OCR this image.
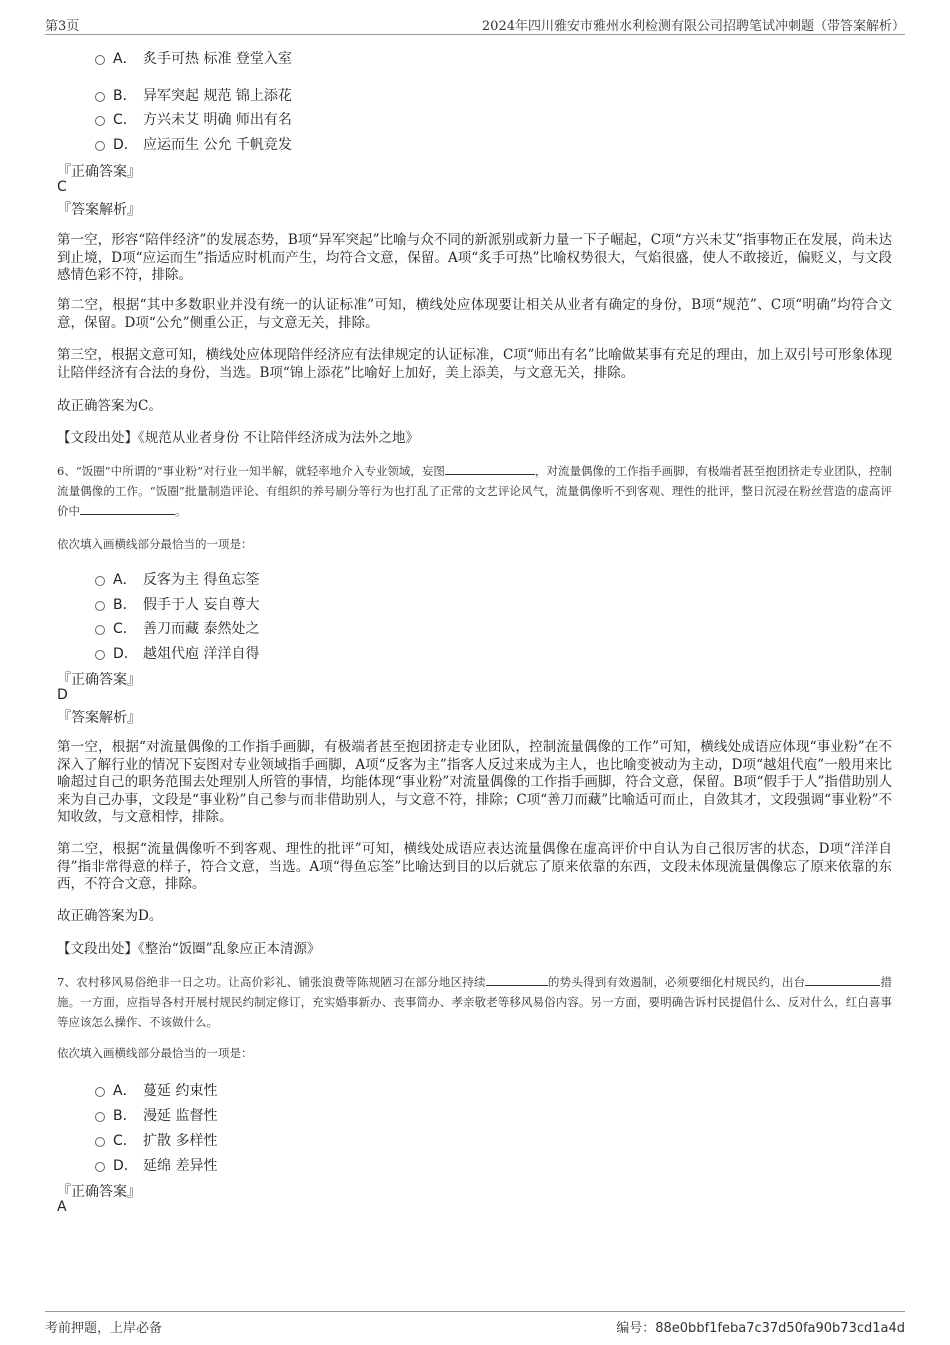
第3页	2024年四川雅安市雅州水利检测有限公司招聘笔试冲刺题（带答案解析）
A． 炙手可热 标准 登堂入室
B． 异军突起 规范 锦上添花
C． 方兴未艾 明确 师出有名
D． 应运而生 公允 千帆竞发
『正确答案』
C
『答案解析』
第一空，形容“陪伴经济”的发展态势，B项“异军突起”比喻与众不同的新派别或新力量一下子崛起，C项“方兴未艾”指事物正在发展，尚未达到止境，D项“应运而生”指适应时机而产生，均符合文意，保留。A项“炙手可热”比喻权势很大，气焰很盛，使人不敢接近，偏贬义，与文段感情色彩不符，排除。
第二空，根据“其中多数职业并没有统一的认证标准”可知，横线处应体现要让相关从业者有确定的身份，B项“规范”、C项“明确”均符合文意，保留。D项“公允”侧重公正，与文意无关，排除。
第三空，根据文意可知，横线处应体现陪伴经济应有法律规定的认证标准，C项“师出有名”比喻做某事有充足的理由，加上双引号可形象体现让陪伴经济有合法的身份，当选。B项“锦上添花”比喻好上加好，美上添美，与文意无关，排除。
故正确答案为C。
【文段出处】《规范从业者身份 不让陪伴经济成为法外之地》
6、“饭圈”中所谓的“事业粉”对行业一知半解，就轻率地介入专业领域，妄图	，对流量偶像的工作指手画脚，有极端者甚至抱团挤走专业团队，控制流量偶像的工作。“饭圈”批量制造评论、有组织的养号刷分等行为也打乱了正常的文艺评论风气，流量偶像听不到客观、理性的批评，整日沉浸在粉丝营造的虚高评价中	。
依次填入画横线部分最恰当的一项是：
A． 反客为主 得鱼忘筌
B． 假手于人 妄自尊大
C． 善刀而藏 泰然处之
D． 越俎代庖 洋洋自得
『正确答案』
D
『答案解析』
第一空，根据“对流量偶像的工作指手画脚，有极端者甚至抱团挤走专业团队，控制流量偶像的工作”可知，横线处成语应体现“事业粉”在不深入了解行业的情况下妄图对专业领域指手画脚，A项“反客为主”指客人反过来成为主人，也比喻变被动为主动，D项“越俎代庖”一般用来比喻超过自己的职务范围去处理别人所管的事情，均能体现“事业粉”对流量偶像的工作指手画脚，符合文意，保留。B项“假手于人”指借助别人来为自己办事，文段是“事业粉”自己参与而非借助别人，与文意不符，排除；C项“善刀而藏”比喻适可而止，自敛其才，文段强调“事业粉”不知收敛，与文意相悖，排除。
第二空，根据“流量偶像听不到客观、理性的批评”可知，横线处成语应表达流量偶像在虚高评价中自认为自己很厉害的状态，D项“洋洋自得”指非常得意的样子，符合文意，当选。A项“得鱼忘筌”比喻达到目的以后就忘了原来依靠的东西，文段未体现流量偶像忘了原来依靠的东西，不符合文意，排除。
故正确答案为D。
【文段出处】《整治“饭圈”乱象应正本清源》
7、农村移风易俗绝非一日之功。让高价彩礼、铺张浪费等陈规陋习在部分地区持续	的势头得到有效遏制，必须要细化村规民约，出台	措施。一方面，应指导各村开展村规民约制定修订，充实婚事新办、丧事简办、孝亲敬老等移风易俗内容。另一方面，要明确告诉村民提倡什么、反对什么，红白喜事等应该怎么操作、不该做什么。
依次填入画横线部分最恰当的一项是：
A． 蔓延 约束性
B． 漫延 监督性
C． 扩散 多样性
D． 延绵 差异性
『正确答案』
A
考前押题，上岸必备	编号：88e0bbf1feba7c37d50fa90b73cd1a4d
